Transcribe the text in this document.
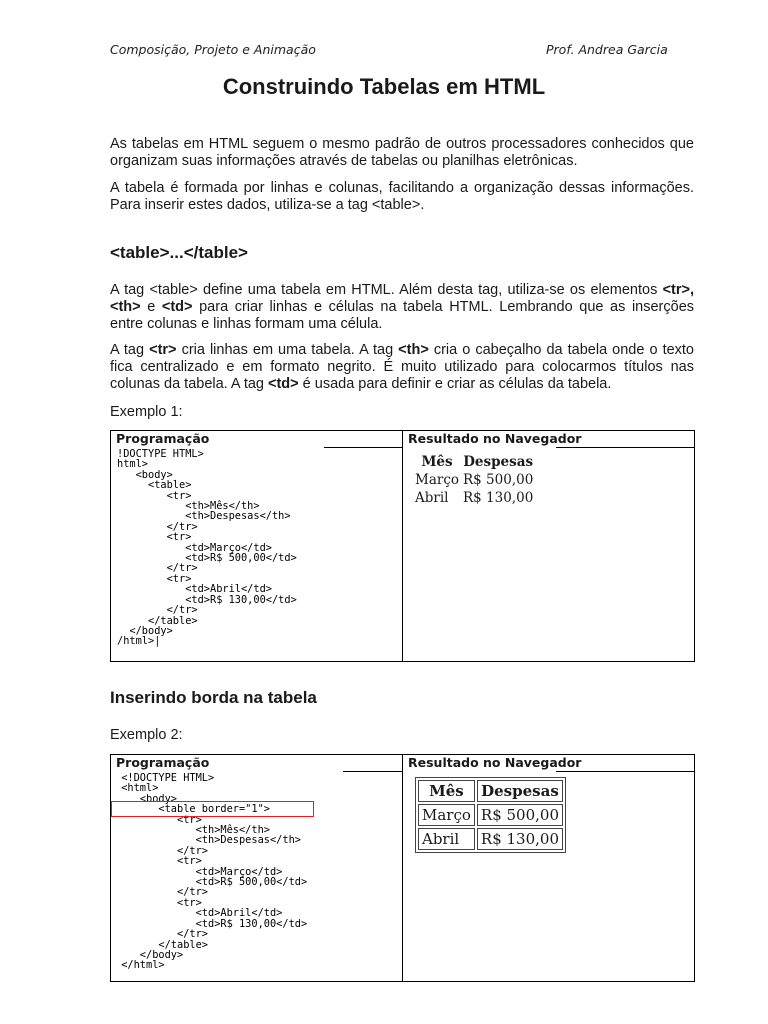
Composição, Projeto e Animação	Prof. Andrea Garcia
Construindo Tabelas em HTML
As tabelas em HTML seguem o mesmo padrão de outros processadores conhecidos que organizam suas informações através de tabelas ou planilhas eletrônicas.
A tabela é formada por linhas e colunas, facilitando a organização dessas informações. Para inserir estes dados, utiliza-se a tag <table>.
<table>...</table>
A tag <table> define uma tabela em HTML. Além desta tag, utiliza-se os elementos <tr>, <th> e <td> para criar linhas e células na tabela HTML. Lembrando que as inserções entre colunas e linhas formam uma célula.
A tag <tr> cria linhas em uma tabela. A tag <th> cria o cabeçalho da tabela onde o texto fica centralizado e em formato negrito. É muito utilizado para colocarmos títulos nas colunas da tabela. A tag <td> é usada para definir e criar as células da tabela.
Exemplo 1:
Programação	Resultado no Navegador
!DOCTYPE HTML>
html>
<body>
<table>
<tr>
<th>Mês</th>
<th>Despesas</th>
</tr>
<tr>
<td>Março</td>
<td>R$ 500,00</td>
</tr>
<tr>
<td>Abril</td>
<td>R$ 130,00</td>
</tr>
</table>
</body>
/html>|
Mês	Despesas
Março	R$ 500,00
Abril	R$ 130,00
Inserindo borda na tabela
Exemplo 2:
Programação	Resultado no Navegador
<!DOCTYPE HTML>
<html>
<body>
<table border="1">
<tr>
<th>Mês</th>
<th>Despesas</th>
</tr>
<tr>
<td>Março</td>
<td>R$ 500,00</td>
</tr>
<tr>
<td>Abril</td>
<td>R$ 130,00</td>
</tr>
</table>
</body>
</html>
Mês	Despesas
Março	R$ 500,00
Abril	R$ 130,00
